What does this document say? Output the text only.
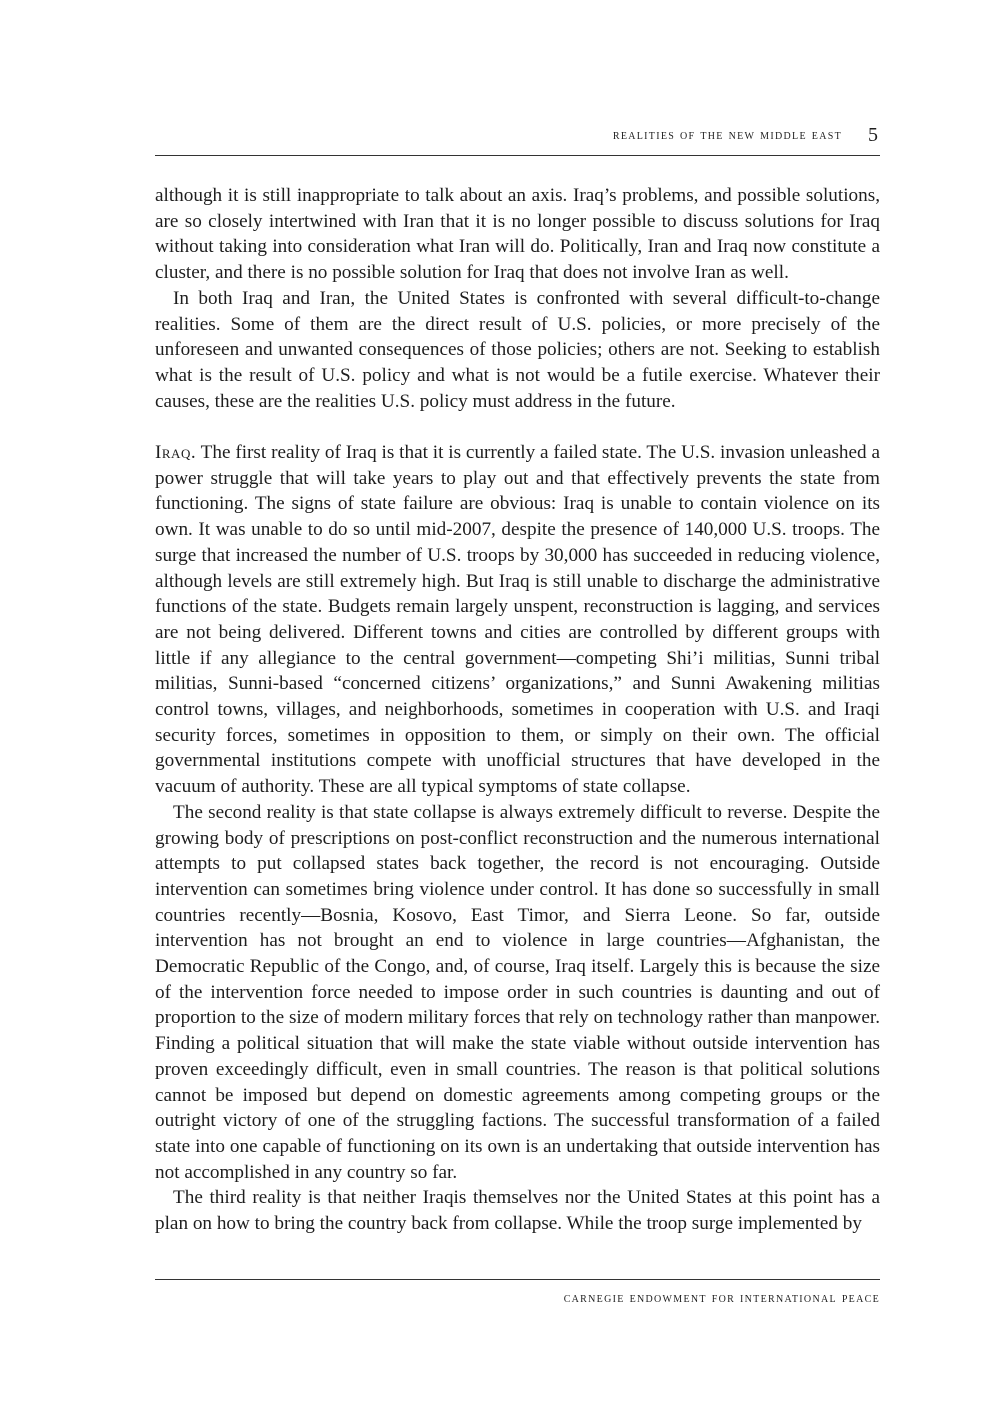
realities of the new middle east 5

although it is still inappropriate to talk about an axis. Iraq’s problems, and possible solutions, are so closely intertwined with Iran that it is no longer possible to discuss solutions for Iraq without taking into consideration what Iran will do. Politically, Iran and Iraq now constitute a cluster, and there is no possible solution for Iraq that does not involve Iran as well.

In both Iraq and Iran, the United States is confronted with several difficult-to-change realities. Some of them are the direct result of U.S. policies, or more precisely of the unforeseen and unwanted consequences of those policies; others are not. Seeking to establish what is the result of U.S. policy and what is not would be a futile exercise. Whatever their causes, these are the realities U.S. policy must address in the future.

Iraq. The first reality of Iraq is that it is currently a failed state. The U.S. invasion unleashed a power struggle that will take years to play out and that effectively prevents the state from functioning. The signs of state failure are obvious: Iraq is unable to contain violence on its own. It was unable to do so until mid-2007, despite the presence of 140,000 U.S. troops. The surge that increased the number of U.S. troops by 30,000 has succeeded in reducing violence, although levels are still extremely high. But Iraq is still unable to discharge the administrative functions of the state. Budgets remain largely unspent, reconstruction is lagging, and services are not being delivered. Different towns and cities are controlled by different groups with little if any allegiance to the central government—competing Shi’i militias, Sunni tribal militias, Sunni-based “concerned citizens’ organizations,” and Sunni Awakening militias control towns, villages, and neighborhoods, sometimes in cooperation with U.S. and Iraqi security forces, sometimes in opposition to them, or simply on their own. The official governmental institutions compete with unofficial structures that have developed in the vacuum of authority. These are all typical symptoms of state collapse.

The second reality is that state collapse is always extremely difficult to reverse. Despite the growing body of prescriptions on post-conflict reconstruction and the numerous international attempts to put collapsed states back together, the record is not encouraging. Outside intervention can sometimes bring violence under control. It has done so successfully in small countries recently—Bosnia, Kosovo, East Timor, and Sierra Leone. So far, outside intervention has not brought an end to violence in large countries—Afghanistan, the Democratic Republic of the Congo, and, of course, Iraq itself. Largely this is because the size of the intervention force needed to impose order in such countries is daunting and out of proportion to the size of modern military forces that rely on technology rather than manpower. Finding a political situation that will make the state viable without outside intervention has proven exceedingly difficult, even in small countries. The reason is that political solutions cannot be imposed but depend on domestic agreements among competing groups or the outright victory of one of the struggling factions. The successful transformation of a failed state into one capable of functioning on its own is an undertaking that outside intervention has not accomplished in any country so far.

The third reality is that neither Iraqis themselves nor the United States at this point has a plan on how to bring the country back from collapse. While the troop surge implemented by

carnegie endowment for international peace
